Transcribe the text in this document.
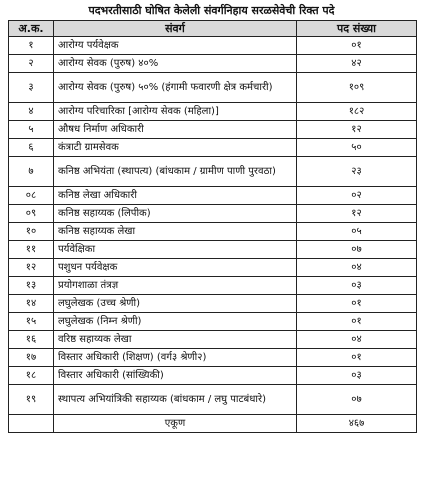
पदभरतीसाठी घोषित केलेली संवर्गनिहाय सरळसेवेची रिक्त पदे
अ.क.	संवर्ग	पद संख्या
१	आरोग्य पर्यवेक्षक	०१
२	आरोग्य सेवक (पुरुष) ४०%	४२
३	आरोग्य सेवक (पुरुष) ५०% (हंगामी फवारणी क्षेत्र कर्मचारी)	१०९
४	आरोग्य परिचारिका [आरोग्य सेवक (महिला)]	१८२
५	औषध निर्माण अधिकारी	१२
६	कंत्राटी ग्रामसेवक	५०
७	कनिष्ठ अभियंता (स्थापत्य) (बांधकाम / ग्रामीण पाणी पुरवठा)	२३
०८	कनिष्ठ लेखा अधिकारी	०२
०९	कनिष्ठ सहाय्यक (लिपीक)	१२
१०	कनिष्ठ सहाय्यक लेखा	०५
११	पर्यवेक्षिका	०७
१२	पशुधन पर्यवेक्षक	०४
१३	प्रयोगशाळा तंत्रज्ञ	०३
१४	लघुलेखक (उच्च श्रेणी)	०१
१५	लघुलेखक (निम्न श्रेणी)	०१
१६	वरिष्ठ सहाय्यक लेखा	०४
१७	विस्तार अधिकारी (शिक्षण) (वर्ग३ श्रेणी२)	०१
१८	विस्तार अधिकारी (सांख्यिकी)	०३
१९	स्थापत्य अभियांत्रिकी सहाय्यक (बांधकाम / लघु पाटबंधारे)	०७
	एकूण	४६७
